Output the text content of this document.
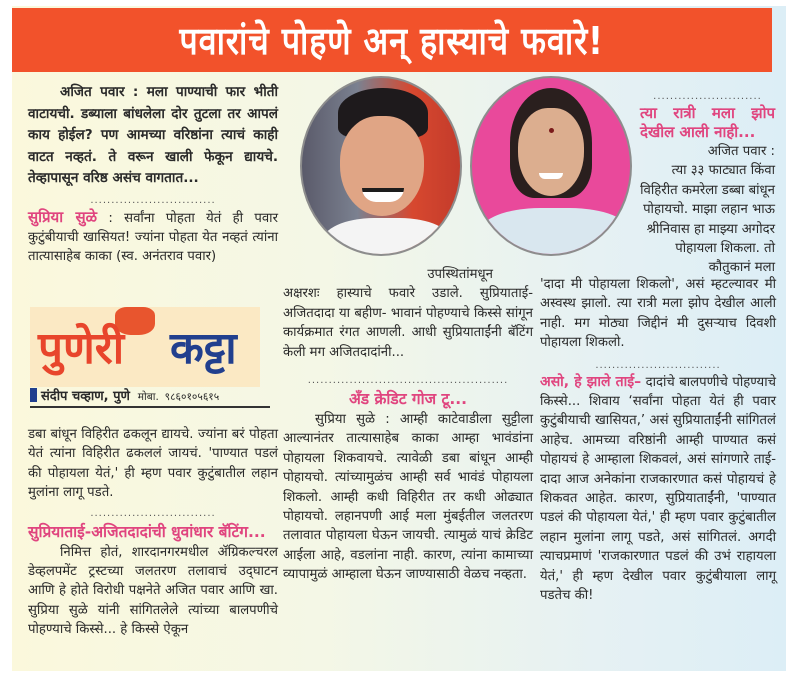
पवारांचे पोहणे अन् हास्याचे फवारे!

अजित पवार : मला पाण्याची फार भीती वाटायची. डब्याला बांधलेला दोर तुटला तर आपलं काय होईल? पण आमच्या वरिष्ठांना त्याचं काही वाटत नव्हतं. ते वरून खाली फेकून द्यायचे. तेव्हापासून वरिष्ठ असंच वागतात...

..............................

सुप्रिया सुळे : सर्वांना पोहता येतं ही पवार कुटुंबीयाची खासियत! ज्यांना पोहता येत नव्हतं त्यांना तात्यासाहेब काका (स्व. अनंतराव पवार)

पुणेरी कट्टा
संदीप चव्हाण, पुणे मोबा. ९८६०१०५६१५

डबा बांधून विहिरीत ढकलून द्यायचे. ज्यांना बरं पोहता येतं त्यांना विहिरीत ढकललं जायचं. 'पाण्यात पडलं की पोहायला येतं,' ही म्हण पवार कुटुंबातील लहान मुलांना लागू पडते.

..............................
सुप्रियाताई-अजितदादांची धुवांधार बॅटिंग...

निमित्त होतं, शारदानगरमधील ॲग्रिकल्चरल डेव्हलपमेंट ट्रस्टच्या जलतरण तलावाचं उद्‌घाटन आणि हे होते विरोधी पक्षनेते अजित पवार आणि खा. सुप्रिया सुळे यांनी सांगितलेले त्यांच्या बालपणीचे पोहण्याचे किस्से... हे किस्से ऐकून

उपस्थितांमधून

अक्षरशः हास्याचे फवारे उडाले. सुप्रियाताई- अजितदादा या बहीण- भावानं पोहण्याचे किस्से सांगून कार्यक्रमात रंगत आणली. आधी सुप्रियाताईंनी बॅटिंग केली मग अजितदादांनी...

................................................
ॲंड क्रेडिट गोज टू...

सुप्रिया सुळे : आम्ही काटेवाडीला सुट्टीला आल्यानंतर तात्यासाहेब काका आम्हा भावंडांना पोहायला शिकवायचे. त्यावेळी डबा बांधून आम्ही पोहायचो. त्यांच्यामुळंच आम्ही सर्व भावंडं पोहायला शिकलो. आम्ही कधी विहिरीत तर कधी ओढ्यात पोहायचो. लहानपणी आई मला मुंबईतील जलतरण तलावात पोहायला घेऊन जायची. त्यामुळं याचं क्रेडिट आईला आहे, वडलांना नाही. कारण, त्यांना कामाच्या व्यापामुळं आम्हाला घेऊन जाण्यासाठी वेळच नव्हता.

..........................
त्या रात्री मला झोप देखील आली नाही...

अजित पवार :

त्या ३३ फाट्यात किंवा विहिरीत कमरेला डब्बा बांधून पोहायचो. माझा लहान भाऊ श्रीनिवास हा माझ्या अगोदर पोहायला शिकला. तो कौतुकानं मला

'दादा मी पोहायला शिकलो', असं म्हटल्यावर मी अस्वस्थ झालो. त्या रात्री मला झोप देखील आली नाही. मग मोठ्या जिद्दीनं मी दुसऱ्याच दिवशी पोहायला शिकलो.

..............................

असो, हे झाले ताई– दादांचे बालपणीचे पोहण्याचे किस्से... शिवाय ‘सर्वांना पोहता येतं ही पवार कुटुंबीयाची खासियत,’ असं सुप्रियाताईंनी सांगितलं आहेच. आमच्या वरिष्ठांनी आम्ही पाण्यात कसं पोहायचं हे आम्हाला शिकवलं, असं सांगणारे ताई-दादा आज अनेकांना राजकारणात कसं पोहायचं हे शिकवत आहेत. कारण, सुप्रियाताईंनी, 'पाण्यात पडलं की पोहायला येतं,' ही म्हण पवार कुटुंबातील लहान मुलांना लागू पडते, असं सांगितलं. अगदी त्याचप्रमाणं 'राजकारणात पडलं की उभं राहायला येतं,' ही म्हण देखील पवार कुटुंबीयाला लागू पडतेच की!
